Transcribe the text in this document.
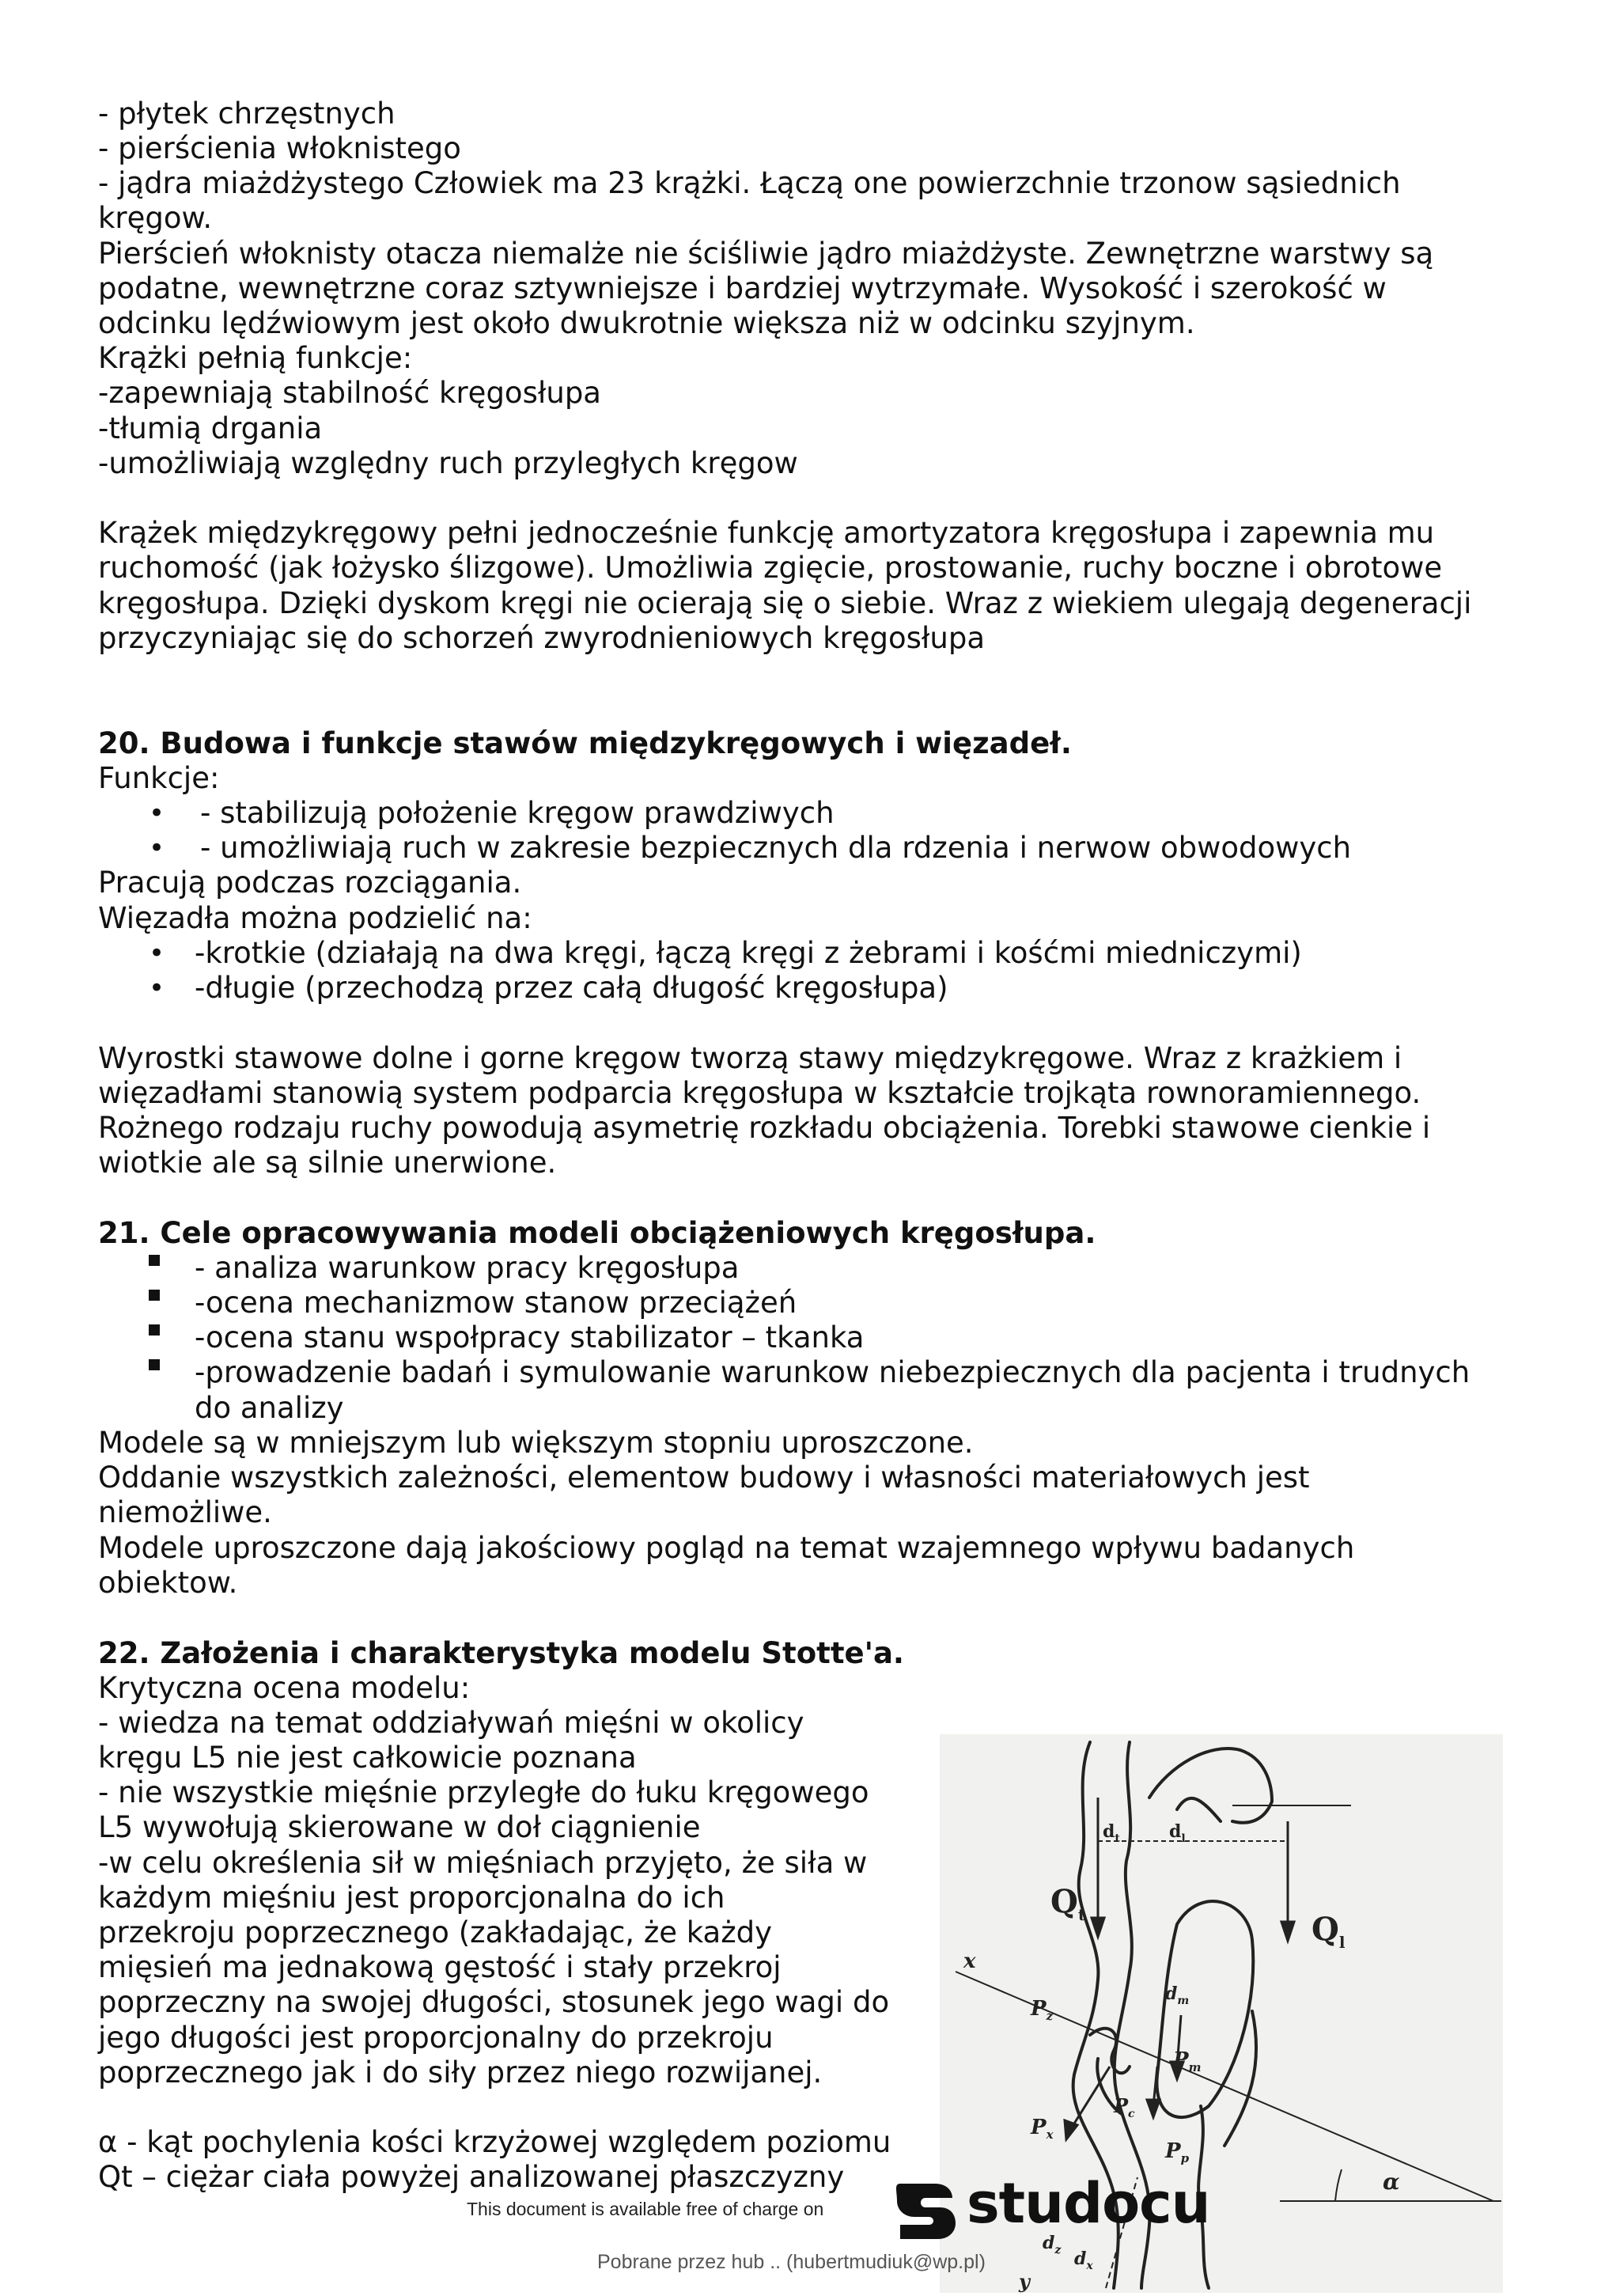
- płytek chrzęstnych
- pierścienia włoknistego
- jądra miażdżystego Człowiek ma 23 krążki. Łączą one powierzchnie trzonow sąsiednich
kręgow.
Pierścień włoknisty otacza niemalże nie ściśliwie jądro miażdżyste. Zewnętrzne warstwy są
podatne, wewnętrzne coraz sztywniejsze i bardziej wytrzymałe. Wysokość i szerokość w
odcinku lędźwiowym jest około dwukrotnie większa niż w odcinku szyjnym.
Krążki pełnią funkcje:
-zapewniają stabilność kręgosłupa
-tłumią drgania
-umożliwiają względny ruch przyległych kręgow
Krążek międzykręgowy pełni jednocześnie funkcję amortyzatora kręgosłupa i zapewnia mu
ruchomość (jak łożysko ślizgowe). Umożliwia zgięcie, prostowanie, ruchy boczne i obrotowe
kręgosłupa. Dzięki dyskom kręgi nie ocierają się o siebie. Wraz z wiekiem ulegają degeneracji
przyczyniając się do schorzeń zwyrodnieniowych kręgosłupa
20. Budowa i funkcje stawów międzykręgowych i więzadeł.
Funkcje:
• - stabilizują położenie kręgow prawdziwych
• - umożliwiają ruch w zakresie bezpiecznych dla rdzenia i nerwow obwodowych
Pracują podczas rozciągania.
Więzadła można podzielić na:
• -krotkie (działają na dwa kręgi, łączą kręgi z żebrami i kośćmi miedniczymi)
• -długie (przechodzą przez całą długość kręgosłupa)
Wyrostki stawowe dolne i gorne kręgow tworzą stawy międzykręgowe. Wraz z krażkiem i
więzadłami stanowią system podparcia kręgosłupa w kształcie trojkąta rownoramiennego.
Rożnego rodzaju ruchy powodują asymetrię rozkładu obciążenia. Torebki stawowe cienkie i
wiotkie ale są silnie unerwione.
21. Cele opracowywania modeli obciążeniowych kręgosłupa.
- analiza warunkow pracy kręgosłupa
-ocena mechanizmow stanow przeciążeń
-ocena stanu wspołpracy stabilizator – tkanka
-prowadzenie badań i symulowanie warunkow niebezpiecznych dla pacjenta i trudnych
do analizy
Modele są w mniejszym lub większym stopniu uproszczone.
Oddanie wszystkich zależności, elementow budowy i własności materiałowych jest
niemożliwe.
Modele uproszczone dają jakościowy pogląd na temat wzajemnego wpływu badanych
obiektow.
22. Założenia i charakterystyka modelu Stotte'a.
Krytyczna ocena modelu:
- wiedza na temat oddziaływań mięśni w okolicy
kręgu L5 nie jest całkowicie poznana
- nie wszystkie mięśnie przyległe do łuku kręgowego
L5 wywołują skierowane w doł ciągnienie
-w celu określenia sił w mięśniach przyjęto, że siła w
każdym mięśniu jest proporcjonalna do ich
przekroju poprzecznego (zakładając, że każdy
mięsień ma jednakową gęstość i stały przekroj
poprzeczny na swojej długości, stosunek jego wagi do
jego długości jest proporcjonalny do przekroju
poprzecznego jak i do siły przez niego rozwijanej.
α - kąt pochylenia kości krzyżowej względem poziomu
Qt – ciężar ciała powyżej analizowanej płaszczyzny
$d_t$	$d_l$
$Q_t$	$Q_l$
x
$P_z$
$d_m$
$P_m$
$P_c$
$P_x$
$P_p$
α
$d_z$ $d_x$
y
This document is available free of charge on	studocu
Pobrane przez hub .. (hubertmudiuk@wp.pl)
